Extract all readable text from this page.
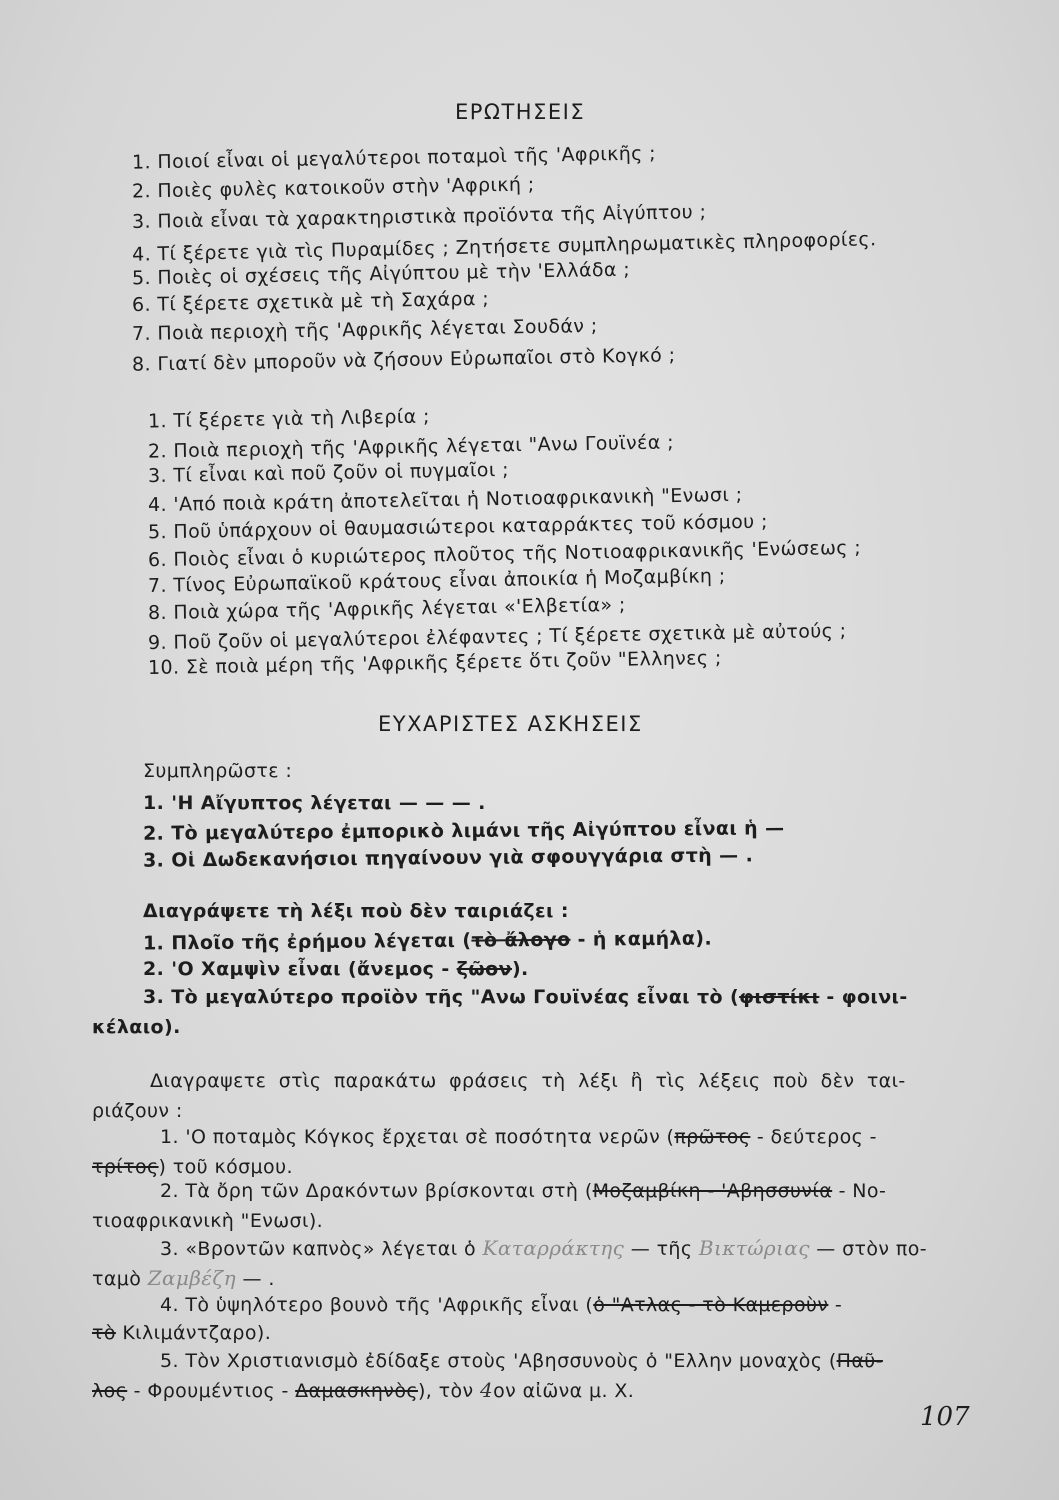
ΕΡΩΤΗΣΕΙΣ
1. Ποιοί εἶναι οἱ μεγαλύτεροι ποταμοὶ τῆς 'Αφρικῆς ;
2. Ποιὲς φυλὲς κατοικοῦν στὴν 'Αφρική ;
3. Ποιὰ εἶναι τὰ χαρακτηριστικὰ προϊόντα τῆς Αἰγύπτου ;
4. Τί ξέρετε γιὰ τὶς Πυραμίδες ; Ζητήσετε συμπληρωματικὲς πληροφορίες.
5. Ποιὲς οἱ σχέσεις τῆς Αἰγύπτου μὲ τὴν 'Ελλάδα ;
6. Τί ξέρετε σχετικὰ μὲ τὴ Σαχάρα ;
7. Ποιὰ περιοχὴ τῆς 'Αφρικῆς λέγεται Σουδάν ;
8. Γιατί δὲν μποροῦν νὰ ζήσουν Εὐρωπαῖοι στὸ Κογκό ;
1. Τί ξέρετε γιὰ τὴ Λιβερία ;
2. Ποιὰ περιοχὴ τῆς 'Αφρικῆς λέγεται "Ανω Γουϊνέα ;
3. Τί εἶναι καὶ ποῦ ζοῦν οἱ πυγμαῖοι ;
4. 'Από ποιὰ κράτη ἀποτελεῖται ἡ Νοτιοαφρικανικὴ "Ενωσι ;
5. Ποῦ ὑπάρχουν οἱ θαυμασιώτεροι καταρράκτες τοῦ κόσμου ;
6. Ποιὸς εἶναι ὁ κυριώτερος πλοῦτος τῆς Νοτιοαφρικανικῆς 'Ενώσεως ;
7. Τίνος Εὐρωπαϊκοῦ κράτους εἶναι ἀποικία ἡ Μοζαμβίκη ;
8. Ποιὰ χώρα τῆς 'Αφρικῆς λέγεται «'Ελβετία» ;
9. Ποῦ ζοῦν οἱ μεγαλύτεροι ἐλέφαντες ; Τί ξέρετε σχετικὰ μὲ αὐτούς ;
10. Σὲ ποιὰ μέρη τῆς 'Αφρικῆς ξέρετε ὅτι ζοῦν "Ελληνες ;
ΕΥΧΑΡΙΣΤΕΣ ΑΣΚΗΣΕΙΣ
Συμπληρῶστε :
1. 'Η Αἴγυπτος λέγεται — — — .
2. Τὸ μεγαλύτερο ἐμπορικὸ λιμάνι τῆς Αἰγύπτου εἶναι ἡ —
3. Οἱ Δωδεκανήσιοι πηγαίνουν γιὰ σφουγγάρια στὴ — .
Διαγράψετε τὴ λέξι ποὺ δὲν ταιριάζει :
1. Πλοῖο τῆς ἐρήμου λέγεται (τὸ ἄλογο - ἡ καμήλα).
2. 'Ο Χαμψὶν εἶναι (ἄνεμος - ζῶον).
3. Τὸ μεγαλύτερο προϊὸν τῆς "Ανω Γουϊνέας εἶναι τὸ (φιστίκι - φοινι-
κέλαιο).
Διαγραψετε στὶς παρακάτω φράσεις τὴ λέξι ἢ τὶς λέξεις ποὺ δὲν ται-
ριάζουν :
1. 'Ο ποταμὸς Κόγκος ἔρχεται σὲ ποσότητα νερῶν (πρῶτος - δεύτερος -
τρίτος) τοῦ κόσμου.
2. Τὰ ὄρη τῶν Δρακόντων βρίσκονται στὴ (Μοζαμβίκη - 'Αβησσυνία - Νο-
τιοαφρικανικὴ "Ενωσι).
3. «Βροντῶν καπνὸς» λέγεται ὁ Καταρράκτης — τῆς Βικτώριας — στὸν πο-
ταμὸ Ζαμβέζη — .
4. Τὸ ὑψηλότερο βουνὸ τῆς 'Αφρικῆς εἶναι (ὁ "Ατλας - τὸ Καμεροὺν -
τὸ Κιλιμάντζαρο).
5. Τὸν Χριστιανισμὸ ἐδίδαξε στοὺς 'Αβησσυνοὺς ὁ "Ελλην μοναχὸς (Παῦ-
λος - Φρουμέντιος - Δαμασκηνὸς), τὸν 4ον αἰῶνα μ. Χ.
107
